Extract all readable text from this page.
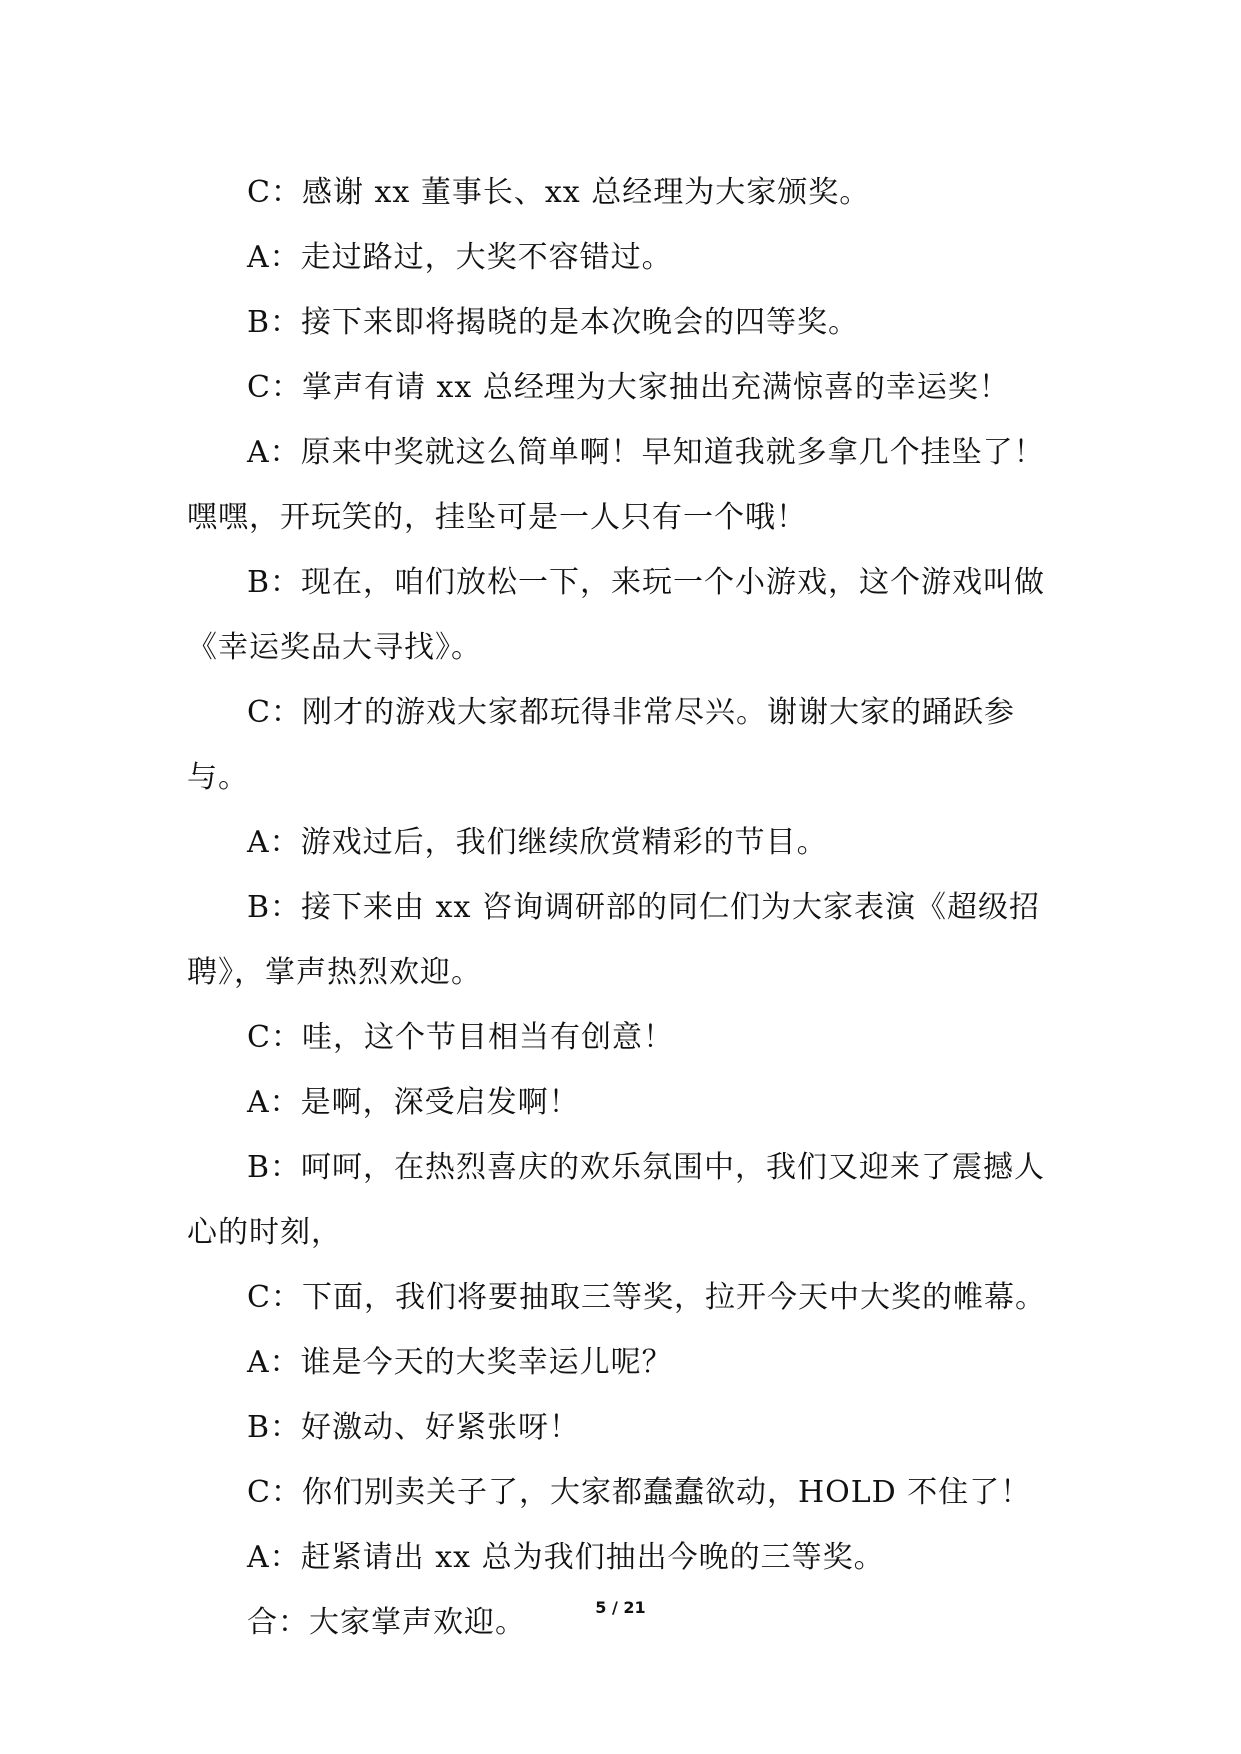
C：感谢 xx 董事长、xx 总经理为大家颁奖。

A：走过路过，大奖不容错过。

B：接下来即将揭晓的是本次晚会的四等奖。

C：掌声有请 xx 总经理为大家抽出充满惊喜的幸运奖！

A：原来中奖就这么简单啊！早知道我就多拿几个挂坠了！嘿嘿，开玩笑的，挂坠可是一人只有一个哦！

B：现在，咱们放松一下，来玩一个小游戏，这个游戏叫做《幸运奖品大寻找》。

C：刚才的游戏大家都玩得非常尽兴。谢谢大家的踊跃参与。

A：游戏过后，我们继续欣赏精彩的节目。

B：接下来由 xx 咨询调研部的同仁们为大家表演《超级招聘》，掌声热烈欢迎。

C：哇，这个节目相当有创意！

A：是啊，深受启发啊！

B：呵呵，在热烈喜庆的欢乐氛围中，我们又迎来了震撼人心的时刻，

C：下面，我们将要抽取三等奖，拉开今天中大奖的帷幕。

A：谁是今天的大奖幸运儿呢？

B：好激动、好紧张呀！

C：你们别卖关子了，大家都蠢蠢欲动，HOLD 不住了！

A：赶紧请出 xx 总为我们抽出今晚的三等奖。

合：大家掌声欢迎。	5 / 21
